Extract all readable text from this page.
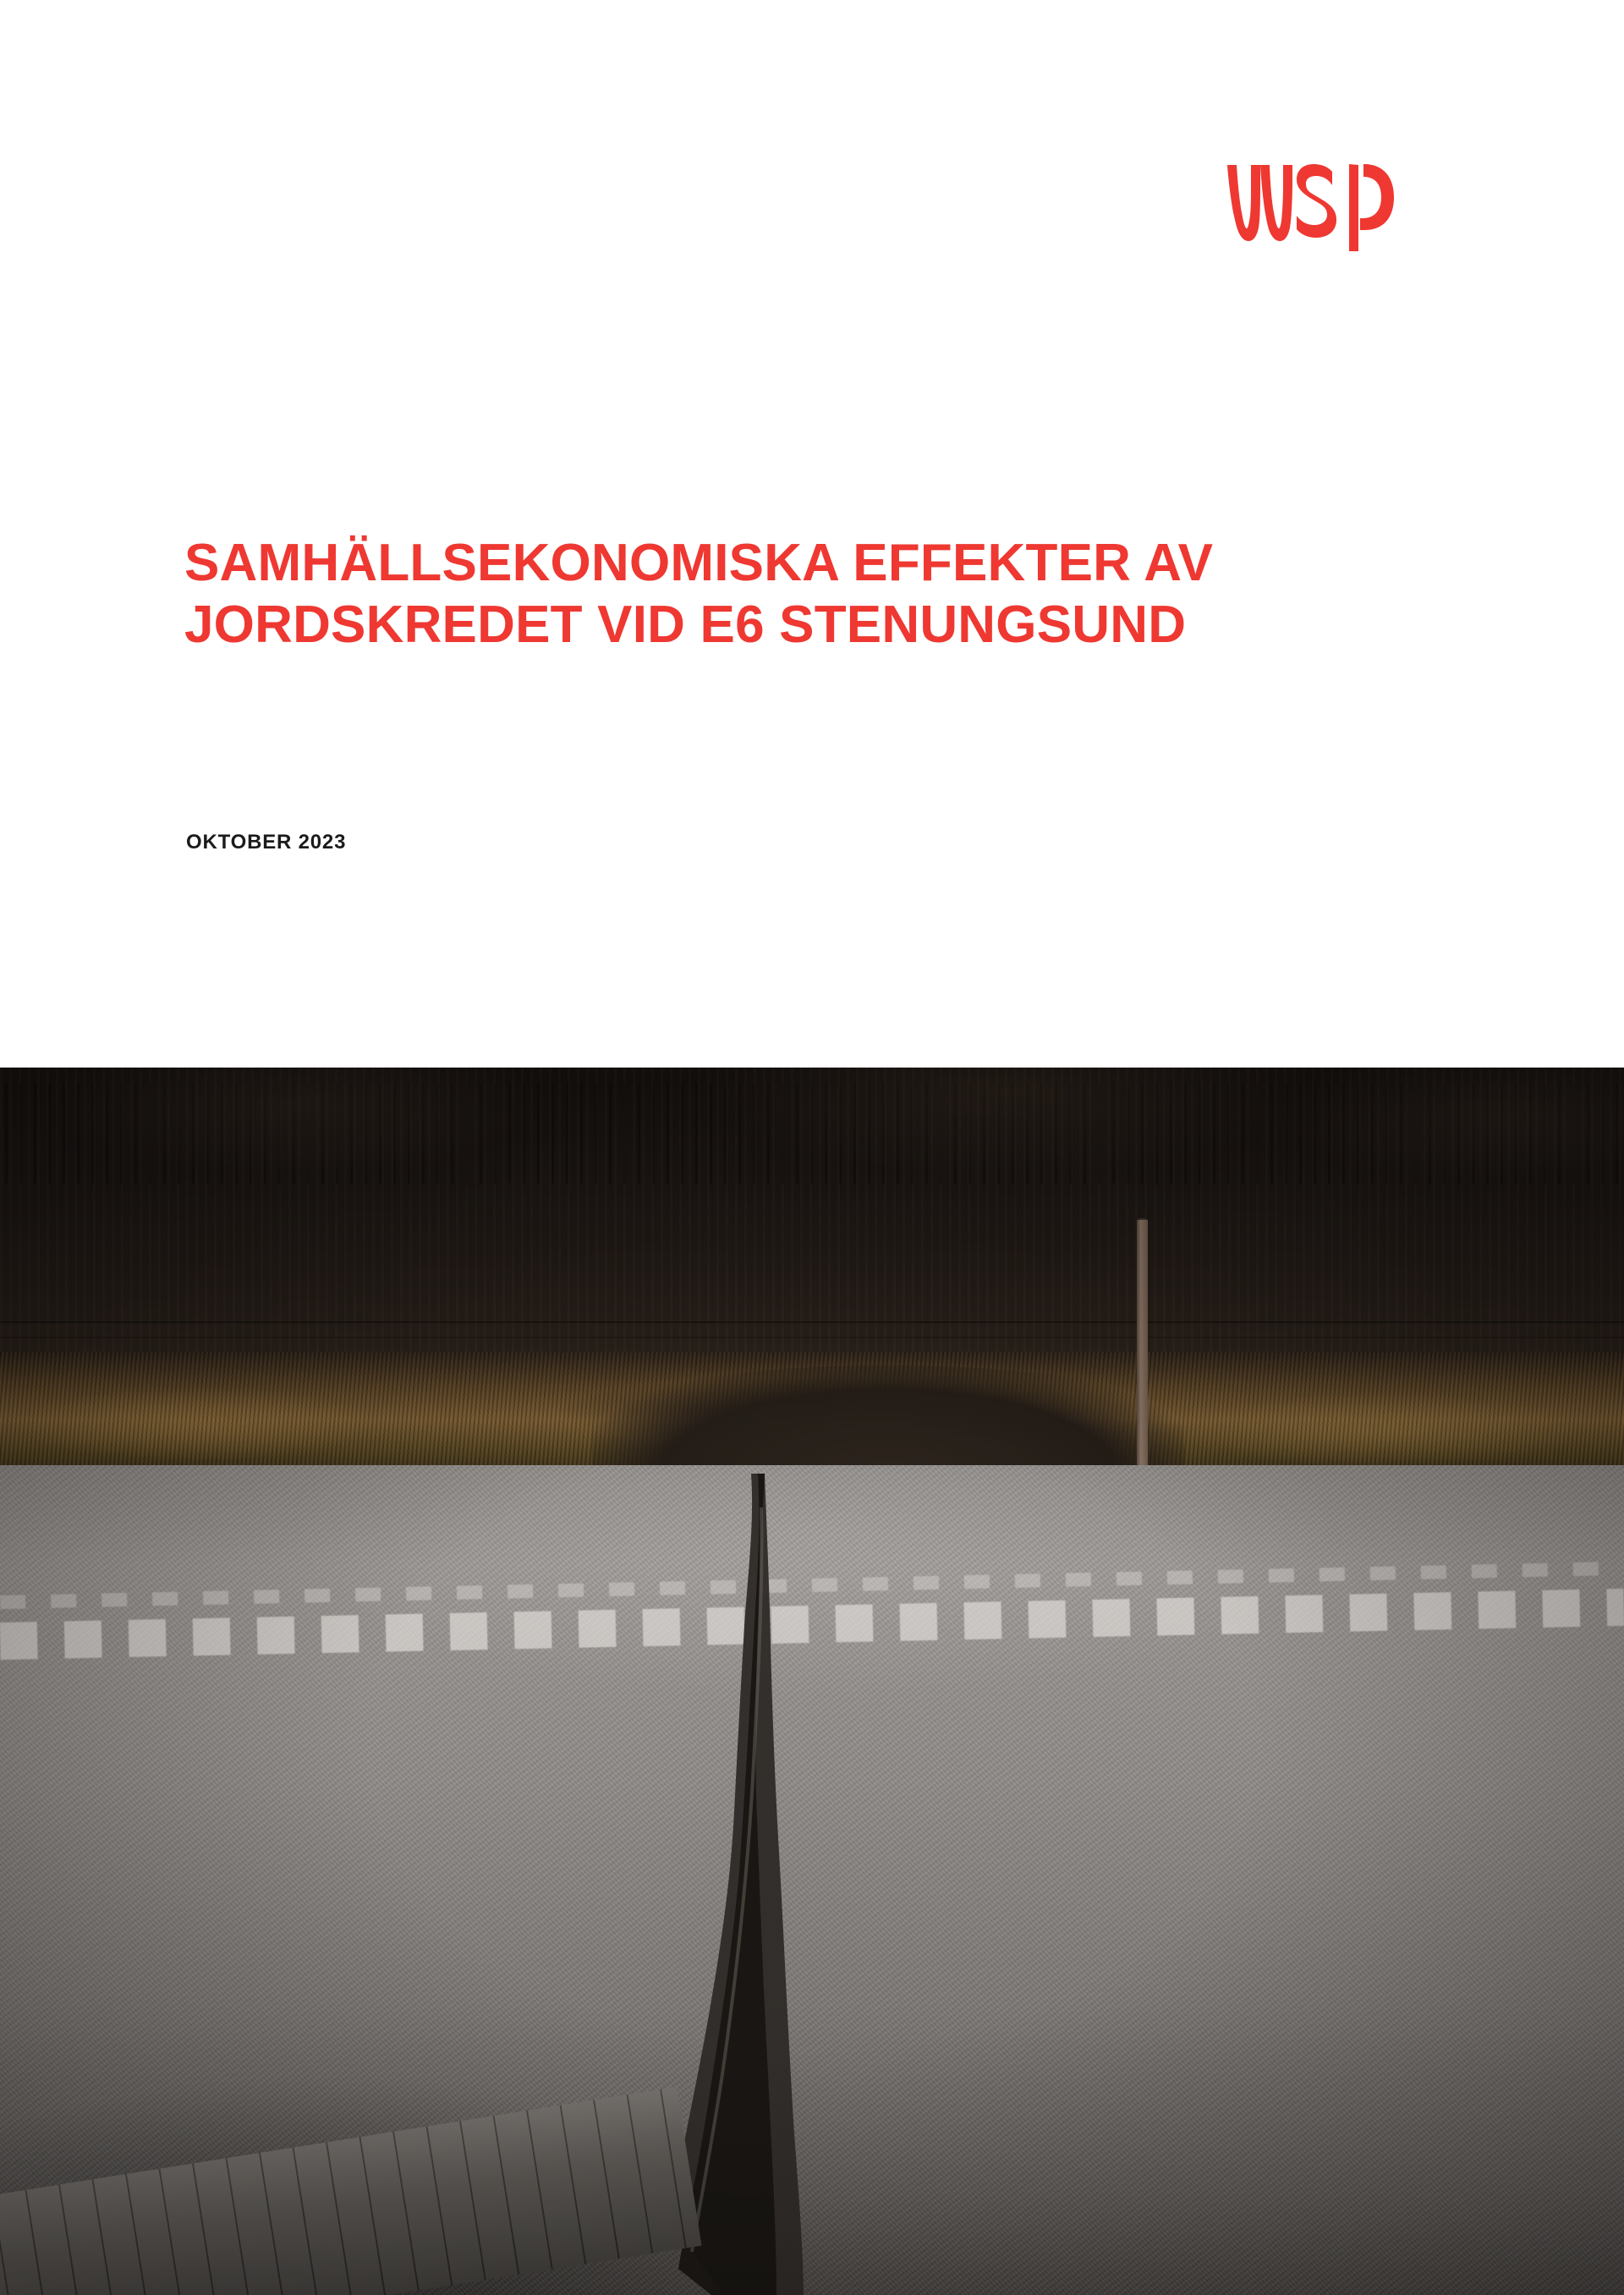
SAMHÄLLSEKONOMISKA EFFEKTER AV
JORDSKREDET VID E6 STENUNGSUND
OKTOBER 2023
